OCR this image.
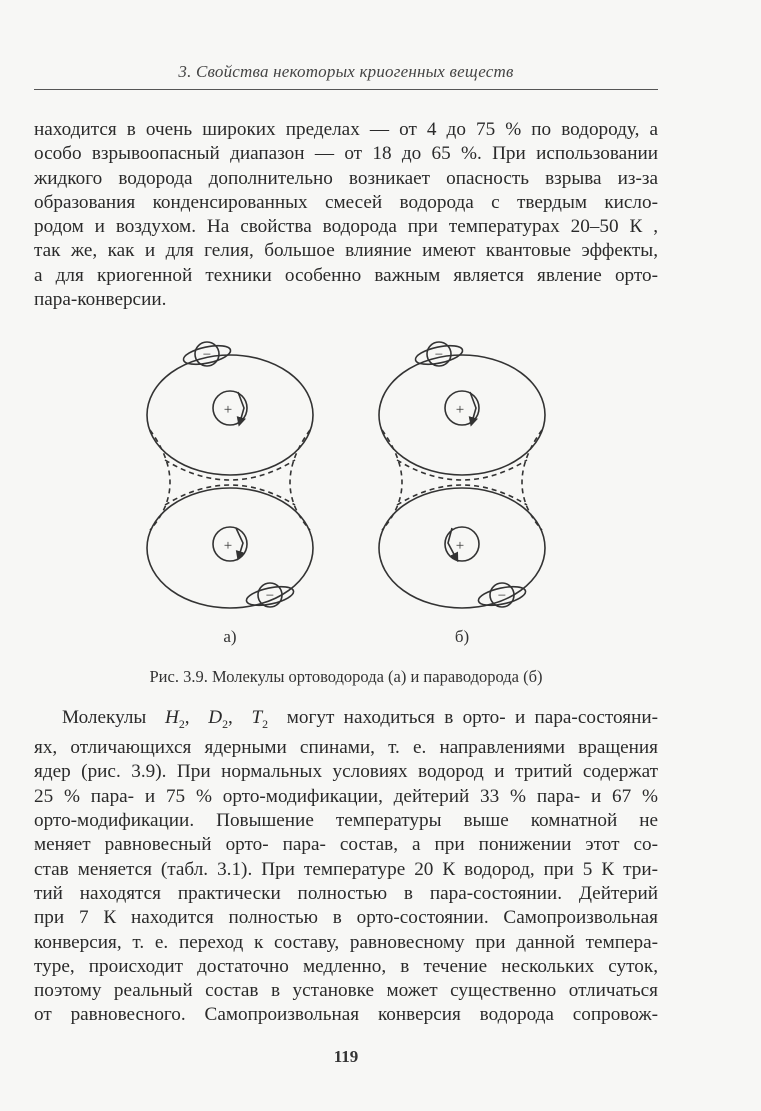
3. Свойства некоторых криогенных веществ
находится в очень широких пределах — от 4 до 75 % по водороду, а
особо взрывоопасный диапазон — от 18 до 65 %. При использовании
жидкого водорода дополнительно возникает опасность взрыва из-за
образования конденсированных смесей водорода с твердым кисло-
родом и воздухом. На свойства водорода при температурах 20–50 К ,
так же, как и для гелия, большое влияние имеют квантовые эффекты,
а для криогенной техники особенно важным является явление орто-
пара-конверсии.
+
+
+
+
−
−
−
−
а)	б)
Рис. 3.9. Молекулы ортоводорода (а) и параводорода (б)
Молекулы $H_2$,  $D_2$,  $T_2$ могут находиться в орто- и пара-состояни-
ях, отличающихся ядерными спинами, т. е. направлениями вращения
ядер (рис. 3.9). При нормальных условиях водород и тритий содержат
25 % пара- и 75 % орто-модификации, дейтерий 33 % пара- и 67 %
орто-модификации. Повышение температуры выше комнатной не
меняет равновесный орто- пара- состав, а при понижении этот со-
став меняется (табл. 3.1). При температуре 20 К водород, при 5 К три-
тий находятся практически полностью в пара-состоянии. Дейтерий
при 7 К находится полностью в орто-состоянии. Самопроизвольная
конверсия, т. е. переход к составу, равновесному при данной темпера-
туре, происходит достаточно медленно, в течение нескольких суток,
поэтому реальный состав в установке может существенно отличаться
от равновесного. Самопроизвольная конверсия водорода сопровож-
119
